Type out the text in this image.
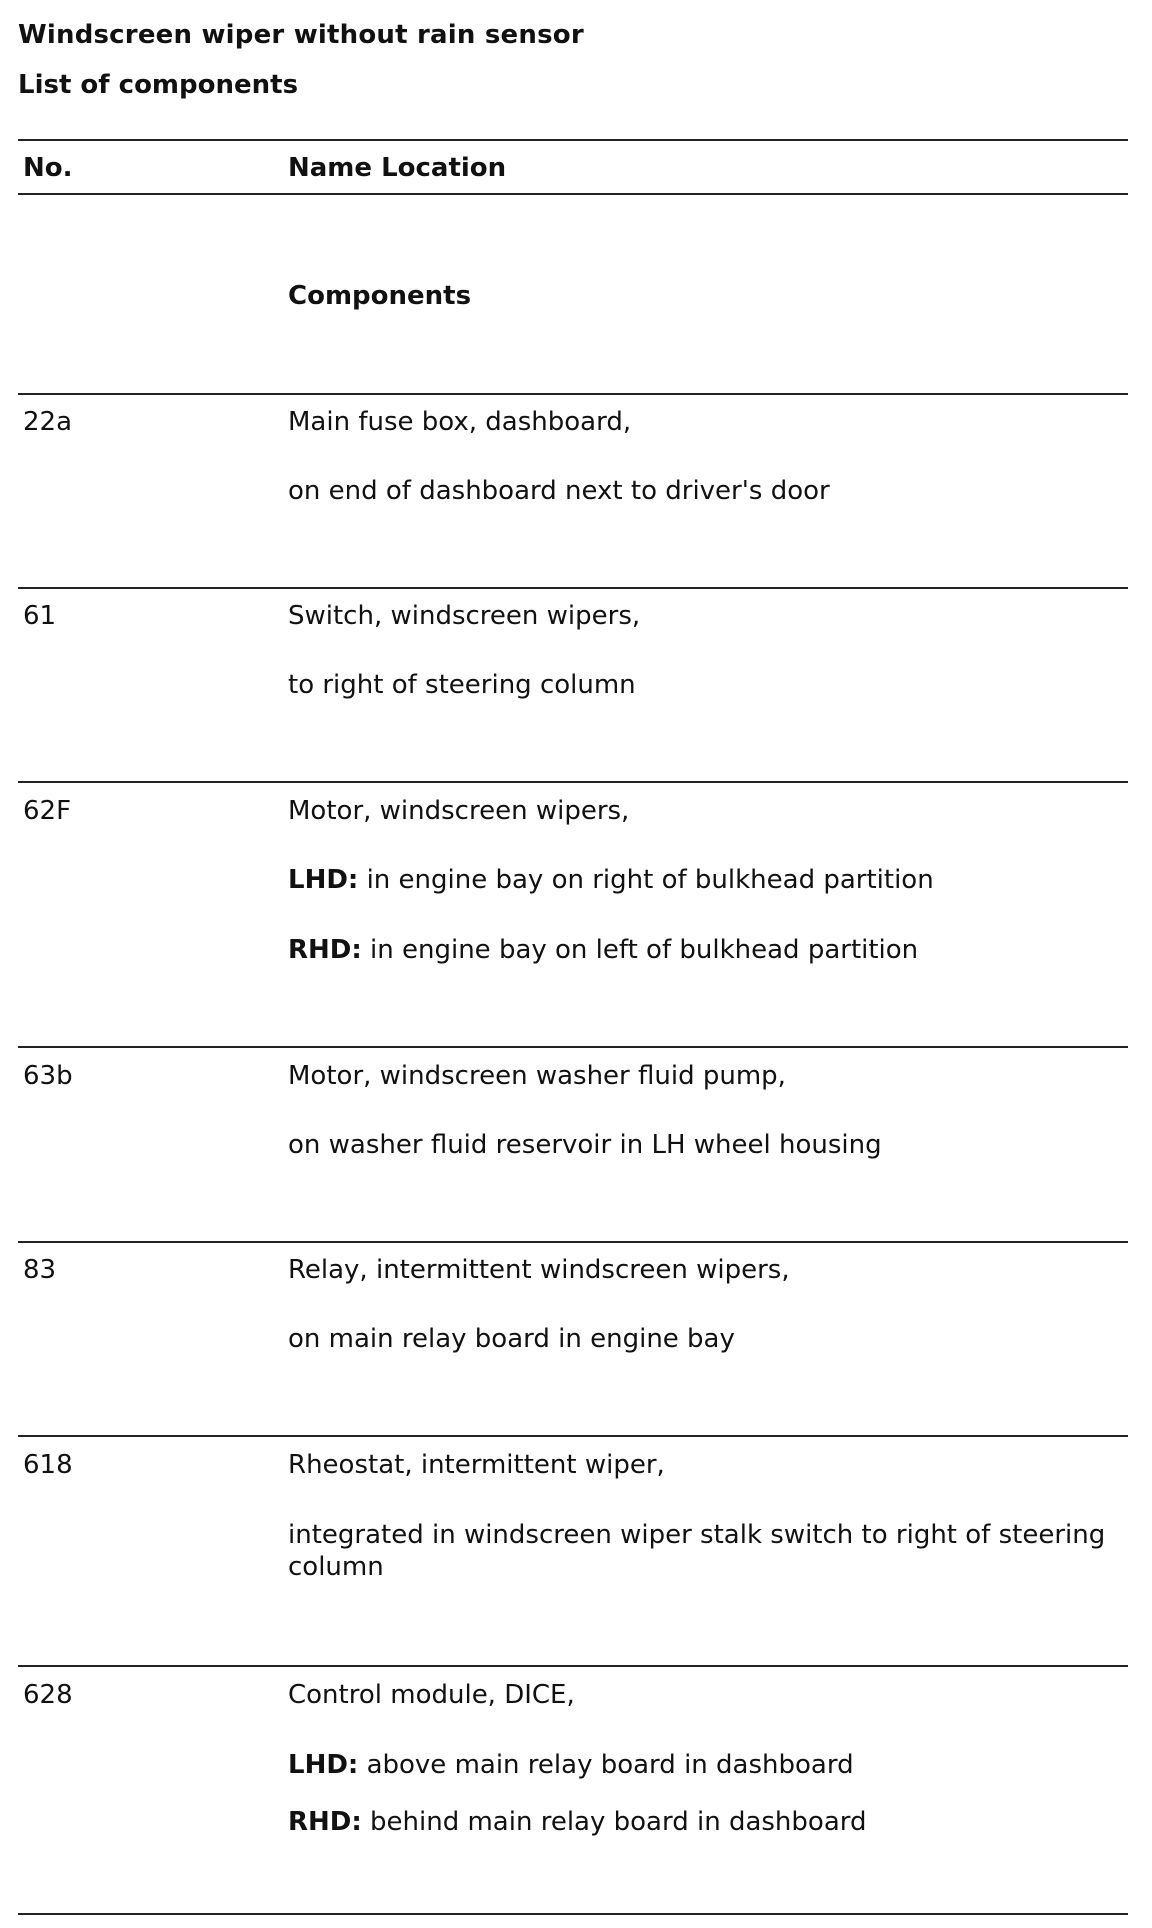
Windscreen wiper without rain sensor
List of components
No.	Name Location
Components
22a	Main fuse box, dashboard,
on end of dashboard next to driver's door
61	Switch, windscreen wipers,
to right of steering column
62F	Motor, windscreen wipers,
LHD: in engine bay on right of bulkhead partition
RHD: in engine bay on left of bulkhead partition
63b	Motor, windscreen washer fluid pump,
on washer fluid reservoir in LH wheel housing
83	Relay, intermittent windscreen wipers,
on main relay board in engine bay
618	Rheostat, intermittent wiper,
integrated in windscreen wiper stalk switch to right of steering column
628	Control module, DICE,
LHD: above main relay board in dashboard
RHD: behind main relay board in dashboard
